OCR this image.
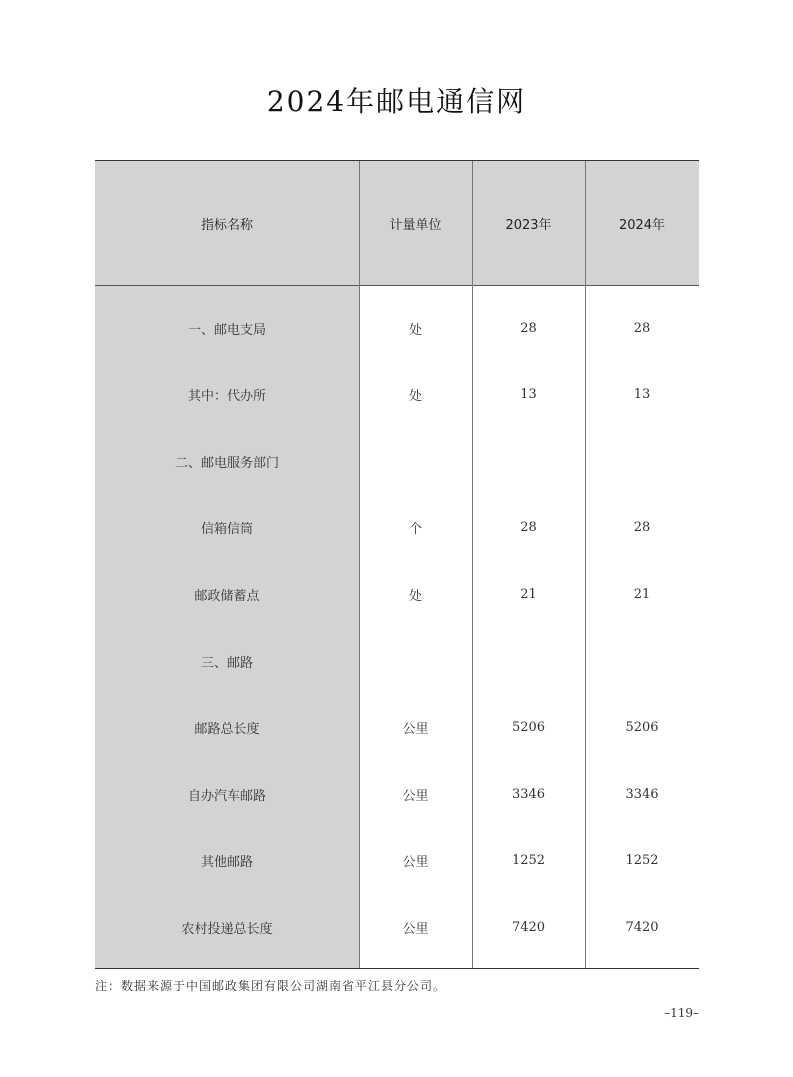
2024年邮电通信网
指标名称	计量单位	2023年	2024年
一、邮电支局	处	28	28
其中：代办所	处	13	13
二、邮电服务部门
信箱信筒	个	28	28
邮政储蓄点	处	21	21
三、邮路
邮路总长度	公里	5206	5206
自办汽车邮路	公里	3346	3346
其他邮路	公里	1252	1252
农村投递总长度	公里	7420	7420
注：数据来源于中国邮政集团有限公司湖南省平江县分公司。
–119–
